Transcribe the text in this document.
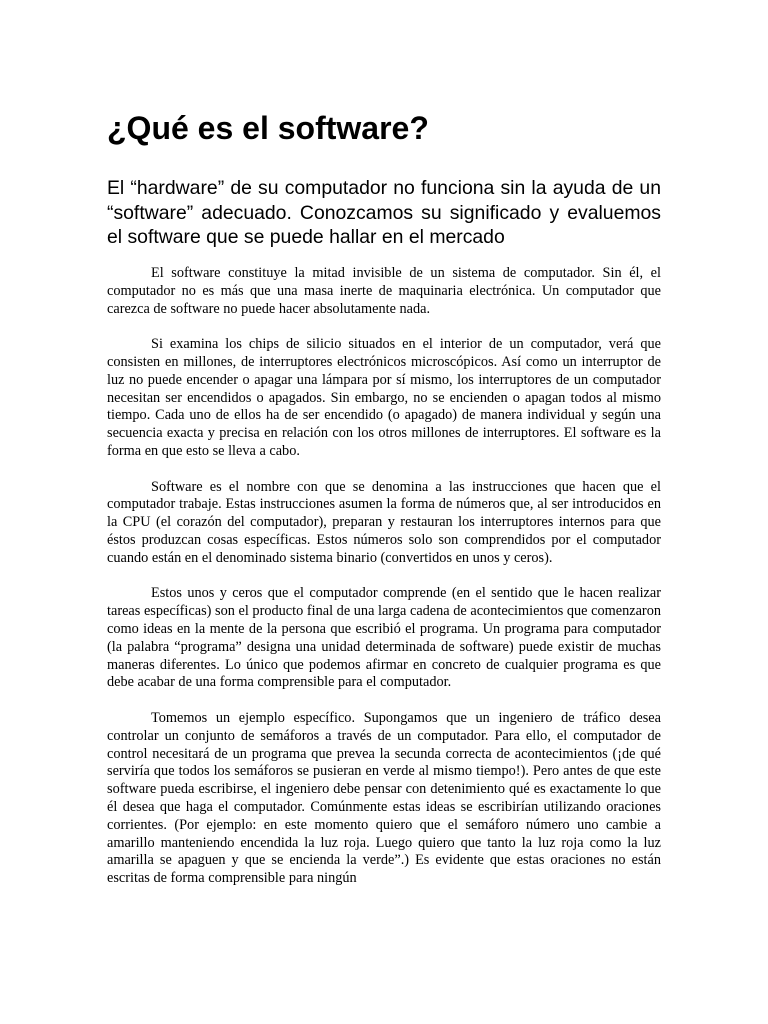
¿Qué es el software?

El “hardware” de su computador no funciona sin la ayuda de un “software” adecuado. Conozcamos su significado y evaluemos el software que se puede hallar en el mercado

El software constituye la mitad invisible de un sistema de computador. Sin él, el computador no es más que una masa inerte de maquinaria electrónica. Un computador que carezca de software no puede hacer absolutamente nada.

Si examina los chips de silicio situados en el interior de un computador, verá que consisten en millones, de interruptores electrónicos microscópicos. Así como un interruptor de luz no puede encender o apagar una lámpara por sí mismo, los interruptores de un computador necesitan ser encendidos o apagados. Sin embargo, no se encienden o apagan todos al mismo tiempo. Cada uno de ellos ha de ser encendido (o apagado) de manera individual y según una secuencia exacta y precisa en relación con los otros millones de interruptores. El software es la forma en que esto se lleva a cabo.

Software es el nombre con que se denomina a las instrucciones que hacen que el computador trabaje. Estas instrucciones asumen la forma de números que, al ser introducidos en la CPU (el corazón del computador), preparan y restauran los interruptores internos para que éstos produzcan cosas específicas. Estos números solo son comprendidos por el computador cuando están en el denominado sistema binario (convertidos en unos y ceros).

Estos unos y ceros que el computador comprende (en el sentido que le hacen realizar tareas específicas) son el producto final de una larga cadena de acontecimientos que comenzaron como ideas en la mente de la persona que escribió el programa. Un programa para computador (la palabra “programa” designa una unidad determinada de software) puede existir de muchas maneras diferentes. Lo único que podemos afirmar en concreto de cualquier programa es que debe acabar de una forma comprensible para el computador.

Tomemos un ejemplo específico. Supongamos que un ingeniero de tráfico desea controlar un conjunto de semáforos a través de un computador. Para ello, el computador de control necesitará de un programa que prevea la secunda correcta de acontecimientos (¡de qué serviría que todos los semáforos se pusieran en verde al mismo tiempo!). Pero antes de que este software pueda escribirse, el ingeniero debe pensar con detenimiento qué es exactamente lo que él desea que haga el computador. Comúnmente estas ideas se escribirían utilizando oraciones corrientes. (Por ejemplo: en este momento quiero que el semáforo número uno cambie a amarillo manteniendo encendida la luz roja. Luego quiero que tanto la luz roja como la luz amarilla se apaguen y que se encienda la verde”.) Es evidente que estas oraciones no están escritas de forma comprensible para ningún
